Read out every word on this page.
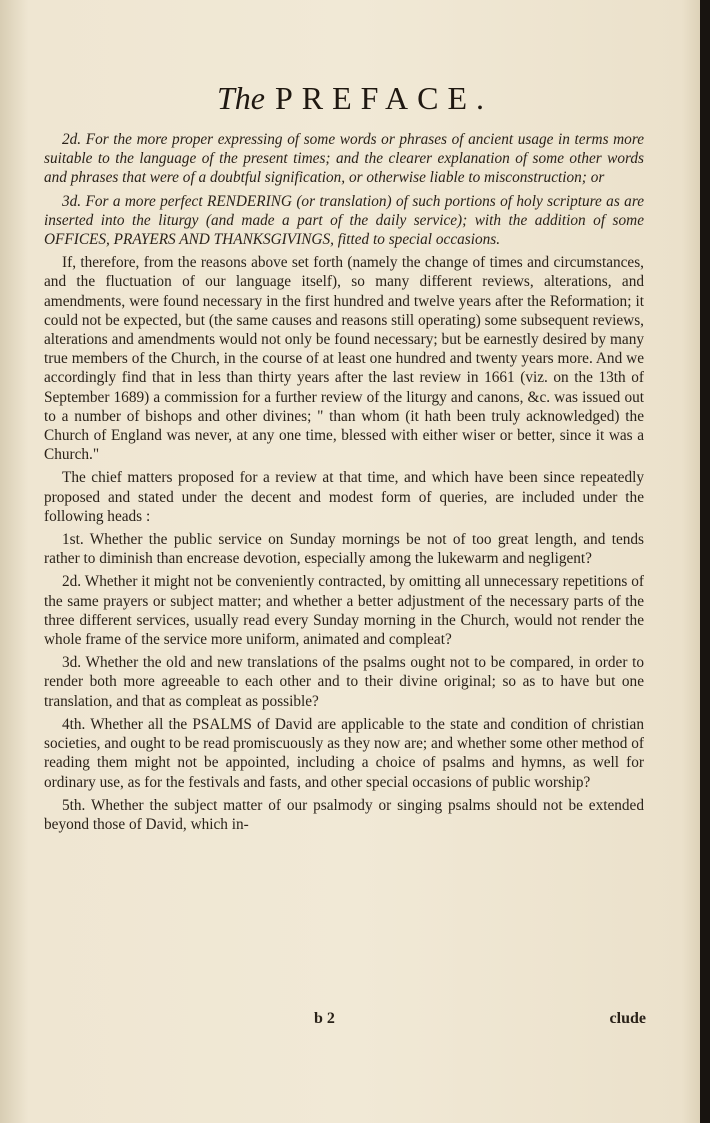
The PREFACE.

2d. For the more proper expressing of some words or phrases of ancient usage in terms more suitable to the language of the present times; and the clearer explanation of some other words and phrases that were of a doubtful signification, or otherwise liable to misconstruction; or

3d. For a more perfect RENDERING (or translation) of such portions of holy scripture as are inserted into the liturgy (and made a part of the daily service); with the addition of some OFFICES, PRAYERS AND THANKSGIVINGS, fitted to special occasions.

If, therefore, from the reasons above set forth (namely the change of times and circumstances, and the fluctuation of our language itself), so many different reviews, alterations, and amendments, were found necessary in the first hundred and twelve years after the Reformation; it could not be expected, but (the same causes and reasons still operating) some subsequent reviews, alterations and amendments would not only be found necessary; but be earnestly desired by many true members of the Church, in the course of at least one hundred and twenty years more. And we accordingly find that in less than thirty years after the last review in 1661 (viz. on the 13th of September 1689) a commission for a further review of the liturgy and canons, &c. was issued out to a number of bishops and other divines; " than whom (it hath been truly acknowledged) the Church of England was never, at any one time, blessed with either wiser or better, since it was a Church."

The chief matters proposed for a review at that time, and which have been since repeatedly proposed and stated under the decent and modest form of queries, are included under the following heads :

1st. Whether the public service on Sunday mornings be not of too great length, and tends rather to diminish than encrease devotion, especially among the lukewarm and negligent?

2d. Whether it might not be conveniently contracted, by omitting all unnecessary repetitions of the same prayers or subject matter; and whether a better adjustment of the necessary parts of the three different services, usually read every Sunday morning in the Church, would not render the whole frame of the service more uniform, animated and compleat?

3d. Whether the old and new translations of the psalms ought not to be compared, in order to render both more agreeable to each other and to their divine original; so as to have but one translation, and that as compleat as possible?

4th. Whether all the PSALMS of David are applicable to the state and condition of christian societies, and ought to be read promiscuously as they now are; and whether some other method of reading them might not be appointed, including a choice of psalms and hymns, as well for ordinary use, as for the festivals and fasts, and other special occasions of public worship?

5th. Whether the subject matter of our psalmody or singing psalms should not be extended beyond those of David, which in-

b 2	clude
